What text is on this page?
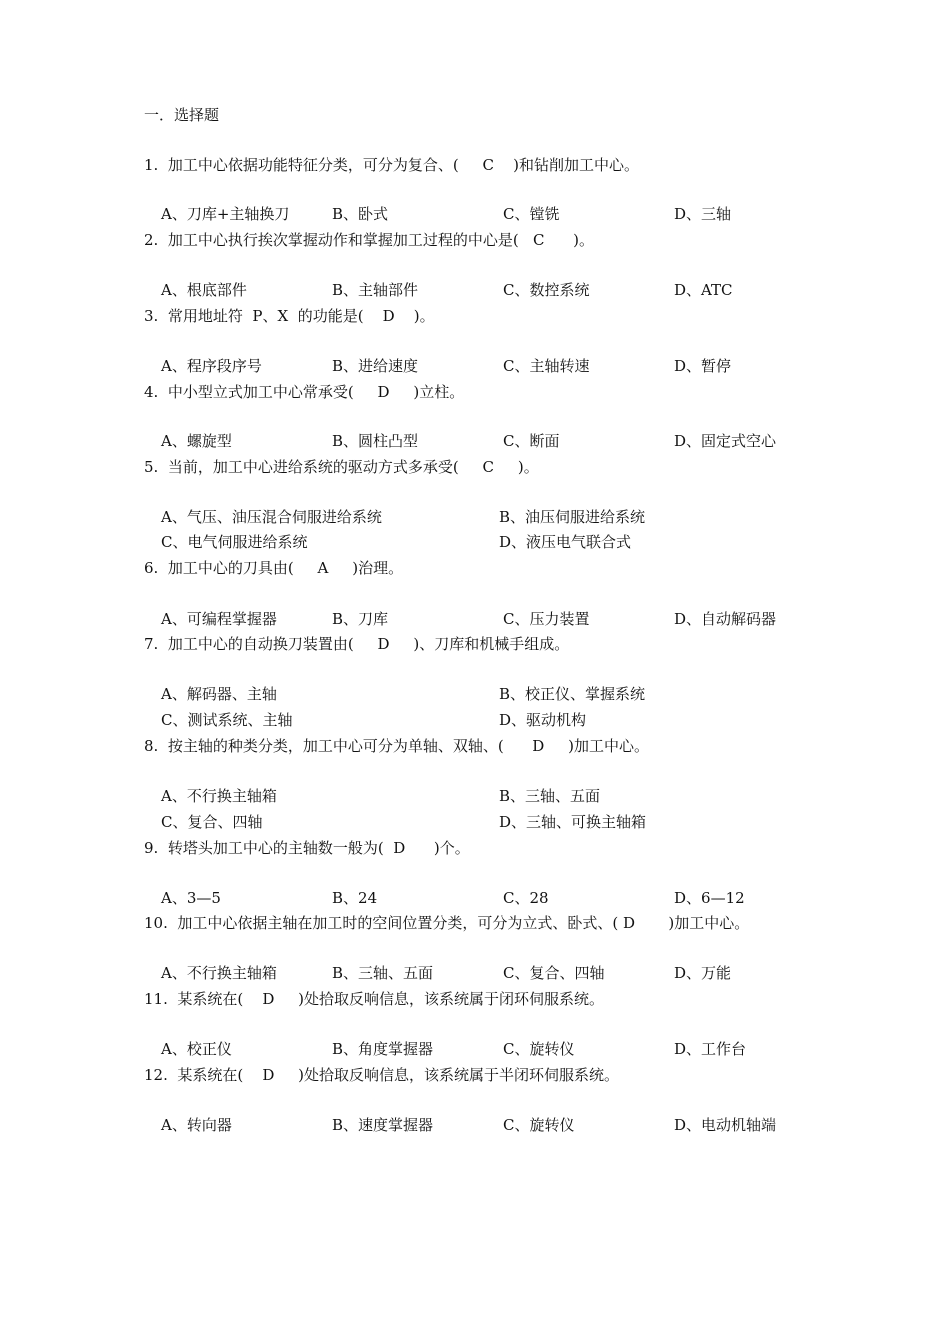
一．选择题
1.  加工中心依据功能特征分类，可分为复合、(     C    )和钻削加工中心。
A、刀库+主轴换刀	B、卧式	C、镗铣	D、三轴
2.  加工中心执行挨次掌握动作和掌握加工过程的中心是(   C      )。
A、根底部件	B、主轴部件	C、数控系统	D、ATC
3.  常用地址符  P、X  的功能是(    D    )。
A、程序段序号	B、进给速度	C、主轴转速	D、暂停
4.  中小型立式加工中心常承受(     D     )立柱。
A、螺旋型	B、圆柱凸型	C、断面	D、固定式空心
5.  当前，加工中心进给系统的驱动方式多承受(     C     )。
A、气压、油压混合伺服进给系统	B、油压伺服进给系统
C、电气伺服进给系统	D、液压电气联合式
6.  加工中心的刀具由(     A     )治理。
A、可编程掌握器	B、刀库	C、压力装置	D、自动解码器
7.  加工中心的自动换刀装置由(     D     )、刀库和机械手组成。
A、解码器、主轴	B、校正仪、掌握系统
C、测试系统、主轴	D、驱动机构
8.  按主轴的种类分类，加工中心可分为单轴、双轴、(      D     )加工中心。
A、不行换主轴箱	B、三轴、五面
C、复合、四轴	D、三轴、可换主轴箱
9.  转塔头加工中心的主轴数一般为(  D      )个。
A、3—5	B、24	C、28	D、6—12
10.  加工中心依据主轴在加工时的空间位置分类，可分为立式、卧式、( D       )加工中心。
A、不行换主轴箱	B、三轴、五面	C、复合、四轴	D、万能
11.  某系统在(    D     )处拾取反响信息，该系统属于闭环伺服系统。
A、校正仪	B、角度掌握器	C、旋转仪	D、工作台
12.  某系统在(    D     )处拾取反响信息，该系统属于半闭环伺服系统。
A、转向器	B、速度掌握器	C、旋转仪	D、电动机轴端
